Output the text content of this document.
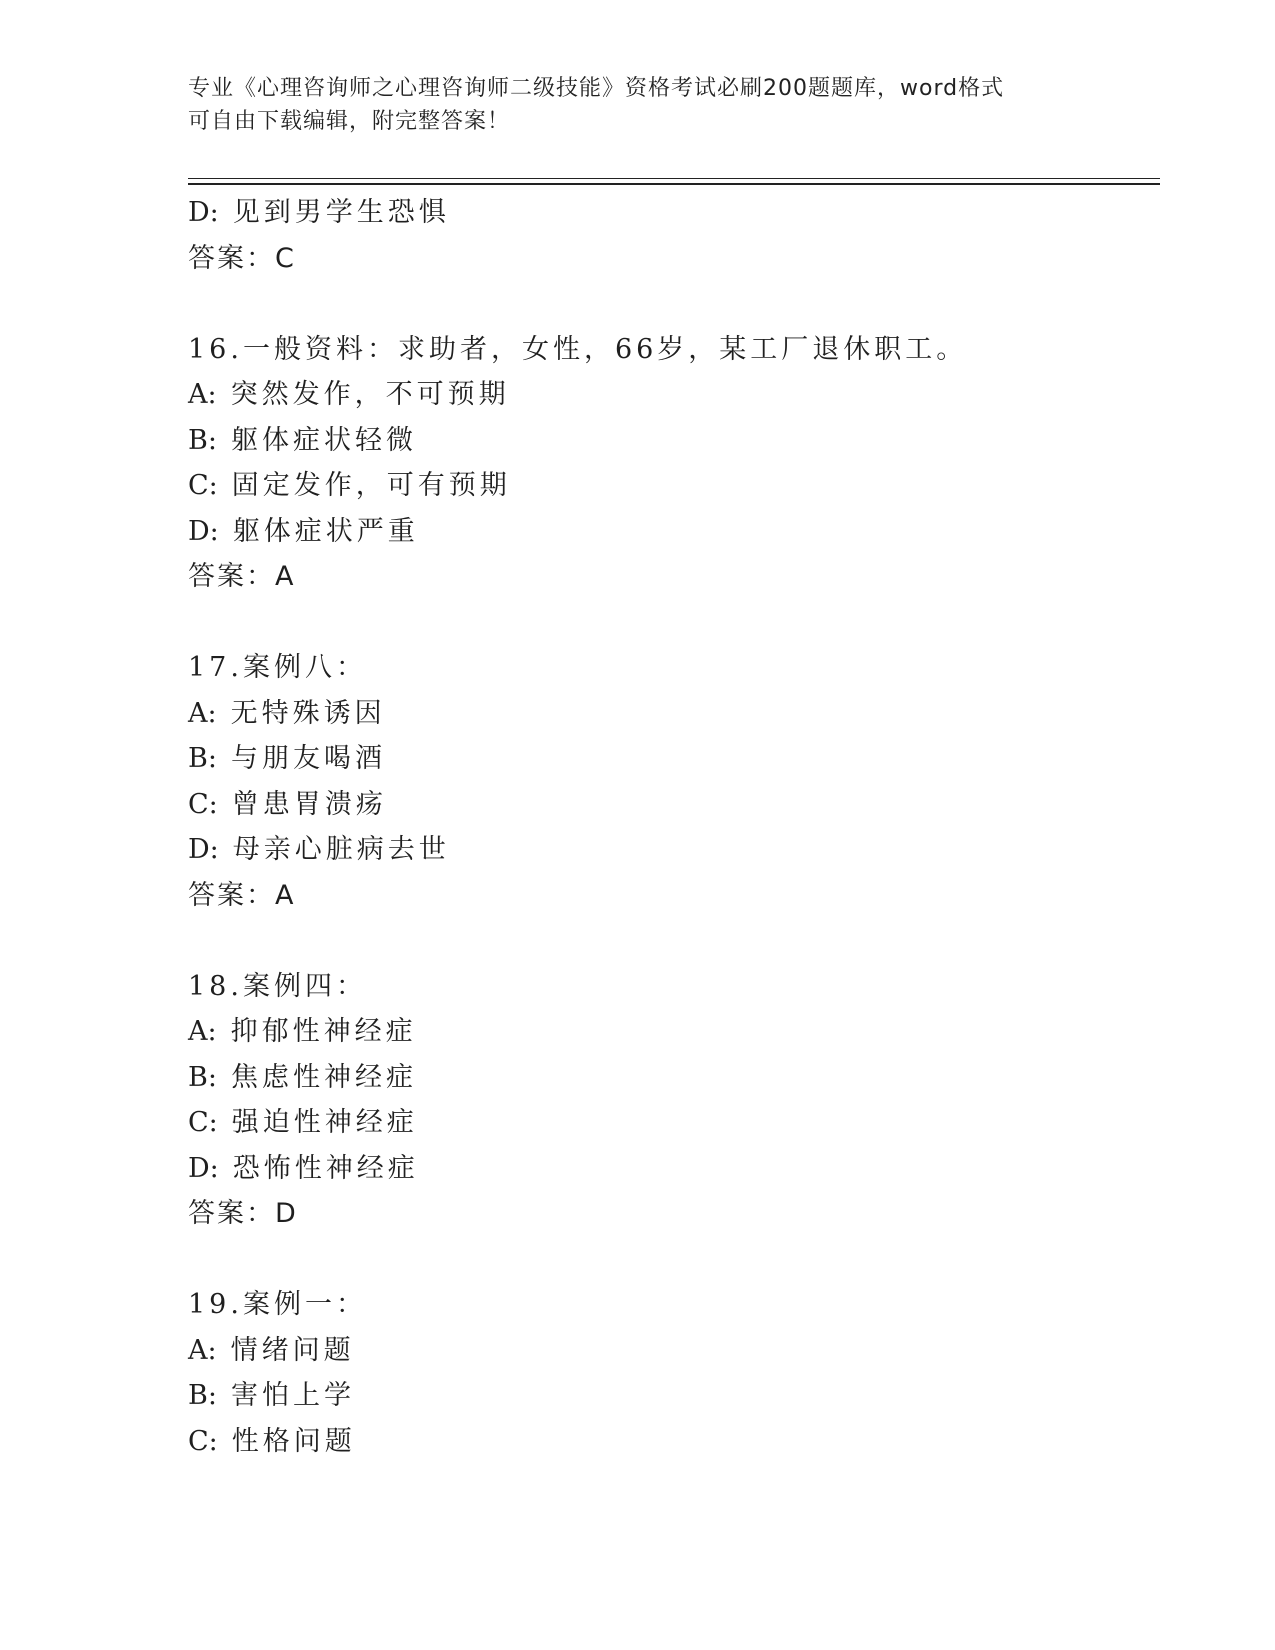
专业《心理咨询师之心理咨询师二级技能》资格考试必刷200题题库，word格式
可自由下载编辑，附完整答案！
D: 见到男学生恐惧
答案：C
16.一般资料：求助者，女性，66岁，某工厂退休职工。
A: 突然发作，不可预期
B: 躯体症状轻微
C: 固定发作，可有预期
D: 躯体症状严重
答案：A
17.案例八：
A: 无特殊诱因
B: 与朋友喝酒
C: 曾患胃溃疡
D: 母亲心脏病去世
答案：A
18.案例四：
A: 抑郁性神经症
B: 焦虑性神经症
C: 强迫性神经症
D: 恐怖性神经症
答案：D
19.案例一：
A: 情绪问题
B: 害怕上学
C: 性格问题
